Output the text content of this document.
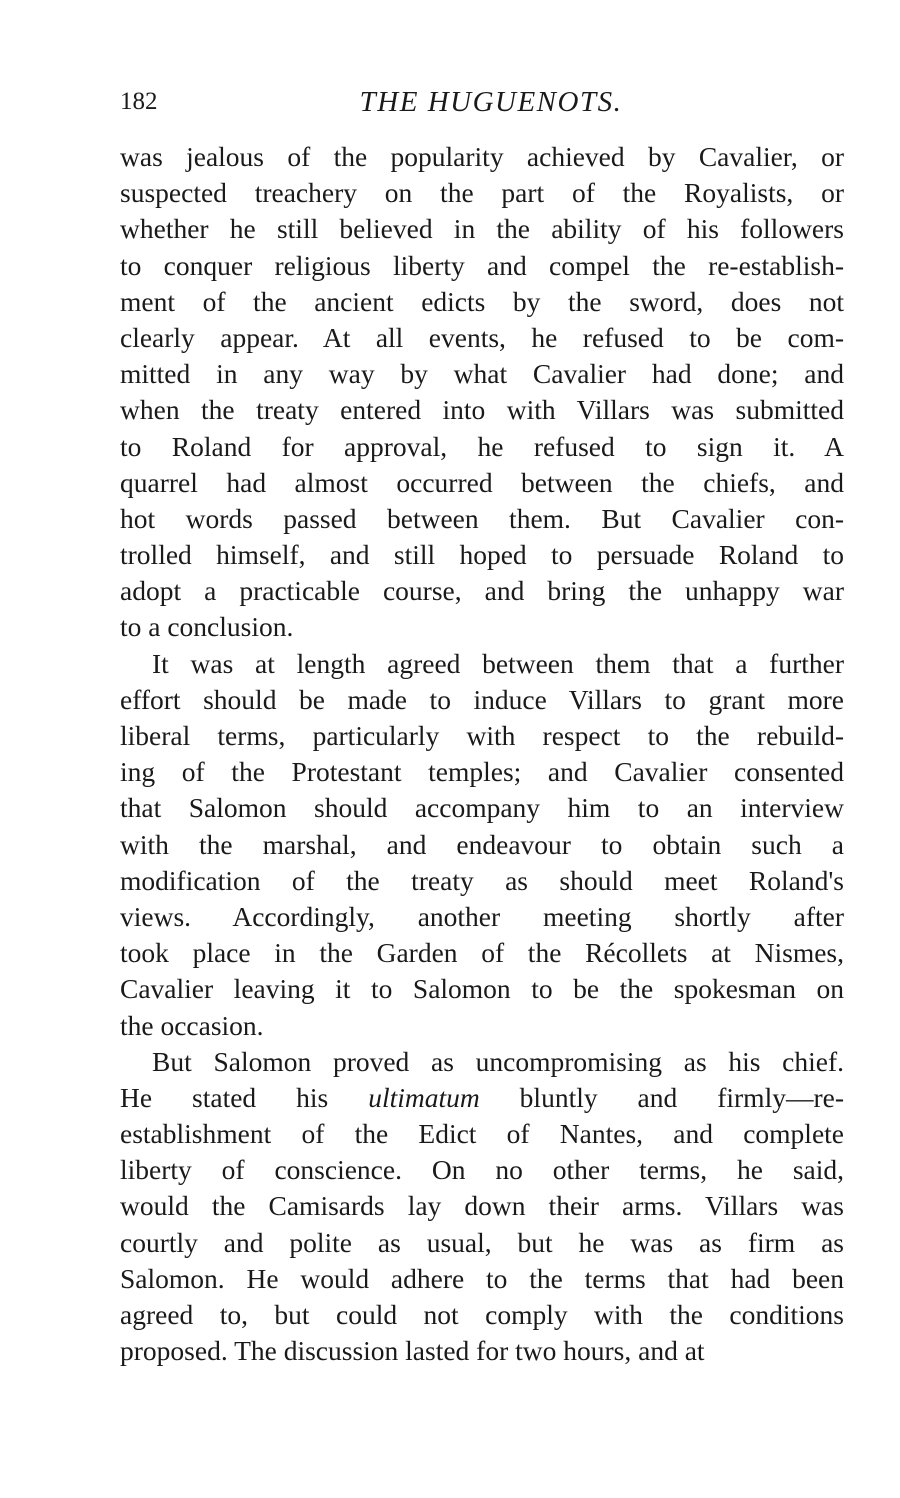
182	THE HUGUENOTS.
was jealous of the popularity achieved by Cavalier, or
suspected treachery on the part of the Royalists, or
whether he still believed in the ability of his followers
to conquer religious liberty and compel the re-establish-
ment of the ancient edicts by the sword, does not
clearly appear. At all events, he refused to be com-
mitted in any way by what Cavalier had done; and
when the treaty entered into with Villars was submitted
to Roland for approval, he refused to sign it. A
quarrel had almost occurred between the chiefs, and
hot words passed between them. But Cavalier con-
trolled himself, and still hoped to persuade Roland to
adopt a practicable course, and bring the unhappy war
to a conclusion.
It was at length agreed between them that a further
effort should be made to induce Villars to grant more
liberal terms, particularly with respect to the rebuild-
ing of the Protestant temples; and Cavalier consented
that Salomon should accompany him to an interview
with the marshal, and endeavour to obtain such a
modification of the treaty as should meet Roland's
views. Accordingly, another meeting shortly after
took place in the Garden of the Récollets at Nismes,
Cavalier leaving it to Salomon to be the spokesman on
the occasion.
But Salomon proved as uncompromising as his chief.
He stated his ultimatum bluntly and firmly—re-
establishment of the Edict of Nantes, and complete
liberty of conscience. On no other terms, he said,
would the Camisards lay down their arms. Villars was
courtly and polite as usual, but he was as firm as
Salomon. He would adhere to the terms that had been
agreed to, but could not comply with the conditions
proposed. The discussion lasted for two hours, and at
